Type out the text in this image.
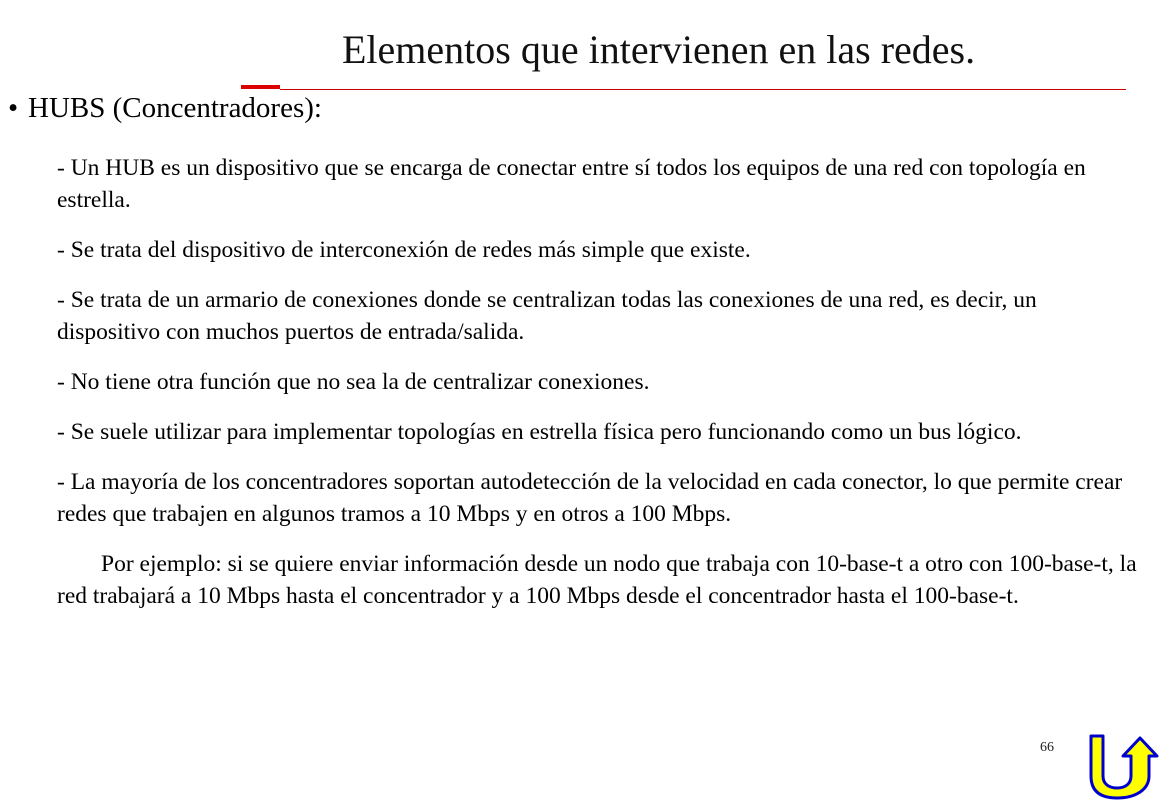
Elementos que intervienen en las redes.
• HUBS (Concentradores):

- Un HUB es un dispositivo que se encarga de conectar entre sí todos los equipos de una red con topología en estrella.

- Se trata del dispositivo de interconexión de redes más simple que existe.

- Se trata de un armario de conexiones donde se centralizan todas las conexiones de una red, es decir, un dispositivo con muchos puertos de entrada/salida.

- No tiene otra función que no sea la de centralizar conexiones.

- Se suele utilizar para implementar topologías en estrella física pero funcionando como un bus lógico.

- La mayoría de los concentradores soportan autodetección de la velocidad en cada conector, lo que permite crear redes que trabajen en algunos tramos a 10 Mbps y en otros a 100 Mbps.

Por ejemplo: si se quiere enviar información desde un nodo que trabaja con 10-base-t a otro con 100-base-t, la red trabajará a 10 Mbps hasta el concentrador y a 100 Mbps desde el concentrador hasta el 100-base-t.

66
